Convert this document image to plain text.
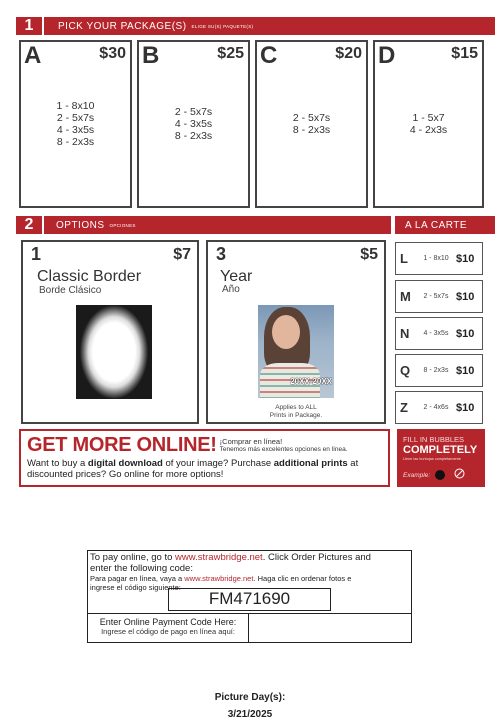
1	PICK YOUR PACKAGE(S) ELIGE SU(S) PAQUETE(S)
A	$30
1 - 8x10
2 - 5x7s
4 - 3x5s
8 - 2x3s
B	$25
2 - 5x7s
4 - 3x5s
8 - 2x3s
C	$20
2 - 5x7s
8 - 2x3s
D	$15
1 - 5x7
4 - 2x3s
2	OPTIONS OPCIONES	A LA CARTE
1	$7
Classic Border
Borde Clásico
3	$5
Year
Año
20XX-20XX
Applies to ALL
Prints in Package.
L	1 - 8x10 $10
M	2 - 5x7s $10
N	4 - 3x5s $10
Q	8 - 2x3s $10
Z	2 - 4x6s $10
GET MORE ONLINE! ¡Comprar en línea!
Tenemos más excelentes opciones en línea.
Want to buy a digital download of your image? Purchase additional prints at
discounted prices? Go online for more options!
FILL IN BUBBLES
COMPLETELY
Llene las burbujas completamente
Example:
To pay online, go to www.strawbridge.net. Click Order Pictures and
enter the following code:
Para pagar en línea, vaya a www.strawbridge.net. Haga clic en ordenar fotos e
ingrese el código siguiente:
FM471690
Enter Online Payment Code Here:
Ingrese el código de pago en línea aquí:
Picture Day(s):
3/21/2025
